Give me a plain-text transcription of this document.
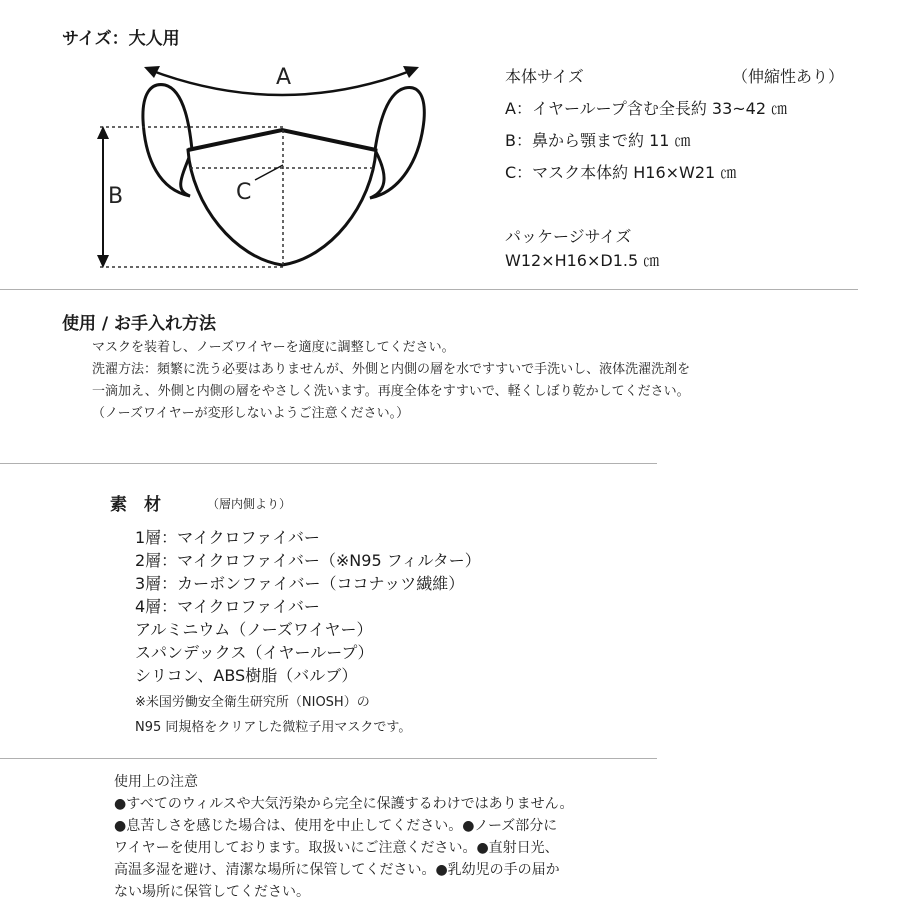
サイズ：大人用
A
B	C
本体サイズ	（伸縮性あり）
A：イヤーループ含む全長約 33~42 ㎝
B：鼻から顎まで約 11 ㎝
C：マスク本体約 H16×W21 ㎝
パッケージサイズ
W12×H16×D1.5 ㎝
使用 / お手入れ方法
マスクを装着し、ノーズワイヤーを適度に調整してください。
洗濯方法：頻繁に洗う必要はありませんが、外側と内側の層を水ですすいで手洗いし、液体洗濯洗剤を
一滴加え、外側と内側の層をやさしく洗います。再度全体をすすいで、軽くしぼり乾かしてください。
（ノーズワイヤーが変形しないようご注意ください。）
素　材	（層内側より）
1層：マイクロファイバー
2層：マイクロファイバー（※N95 フィルター）
3層：カーボンファイバー（ココナッツ繊維）
4層：マイクロファイバー
アルミニウム（ノーズワイヤー）
スパンデックス（イヤーループ）
シリコン、ABS樹脂（バルブ）
※米国労働安全衛生研究所（NIOSH）の
N95 同規格をクリアした微粒子用マスクです。
使用上の注意
●すべてのウィルスや大気汚染から完全に保護するわけではありません。
●息苦しさを感じた場合は、使用を中止してください。●ノーズ部分に
ワイヤーを使用しております。取扱いにご注意ください。●直射日光、
高温多湿を避け、清潔な場所に保管してください。●乳幼児の手の届か
ない場所に保管してください。
